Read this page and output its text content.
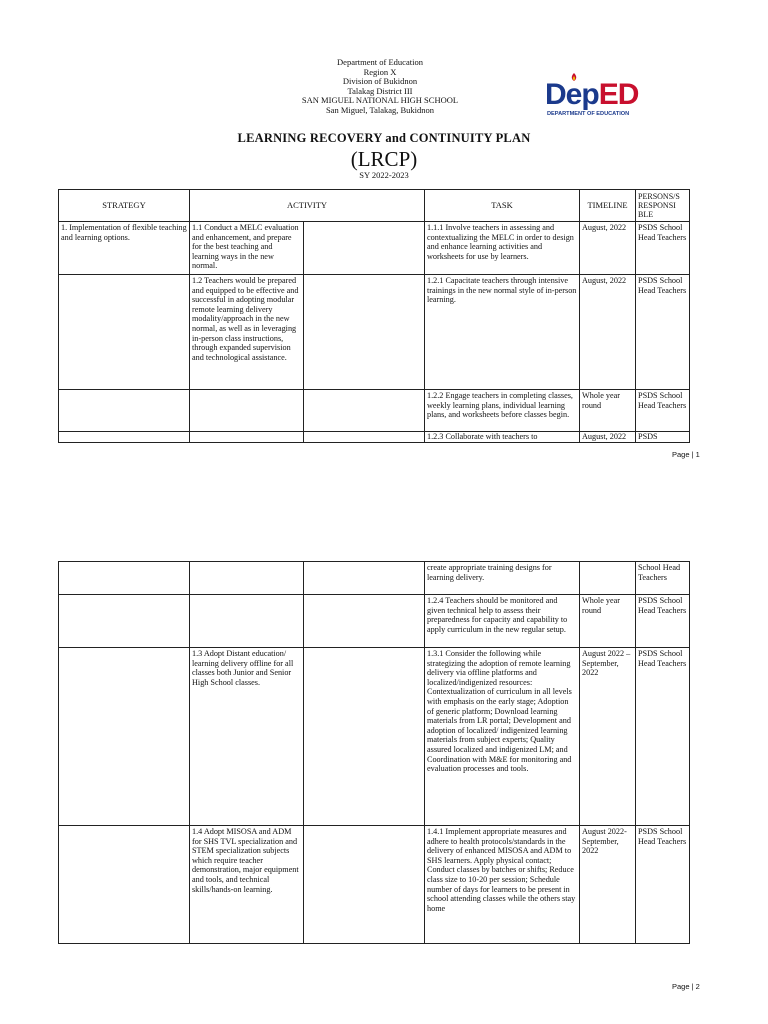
Department of Education
Region X
Division of Bukidnon
Talakag District III
SAN MIGUEL NATIONAL HIGH SCHOOL
San Miguel, Talakag, Bukidnon	DepED
DEPARTMENT OF EDUCATION
LEARNING RECOVERY and CONTINUITY PLAN
(LRCP)
SY 2022-2023
STRATEGY	ACTIVITY		TASK	TIMELINE	PERSONS/S RESPONSI BLE
1. Implementation of flexible teaching and learning options.	1.1 Conduct a MELC evaluation and enhancement, and prepare for the best teaching and learning ways in the new normal.		1.1.1 Involve teachers in assessing and contextualizing the MELC in order to design and enhance learning activities and worksheets for use by learners.	August, 2022	PSDS School Head Teachers
	1.2 Teachers would be prepared and equipped to be effective and successful in adopting modular remote learning delivery modality/approach in the new normal, as well as in leveraging in-person class instructions, through expanded supervision and technological assistance.		1.2.1 Capacitate teachers through intensive trainings in the new normal style of in-person learning.	August, 2022	PSDS School Head Teachers
			1.2.2 Engage teachers in completing classes, weekly learning plans, individual learning plans, and worksheets before classes begin.	Whole year round	PSDS School Head Teachers
			1.2.3 Collaborate with teachers to	August, 2022	PSDS
Page | 1
			create appropriate training designs for learning delivery.		School Head Teachers
			1.2.4 Teachers should be monitored and given technical help to assess their preparedness for capacity and capability to apply curriculum in the new regular setup.	Whole year round	PSDS School Head Teachers
	1.3 Adopt Distant education/ learning delivery offline for all classes both Junior and Senior High School classes.		1.3.1 Consider the following while strategizing the adoption of remote learning delivery via offline platforms and localized/indigenized resources: Contextualization of curriculum in all levels with emphasis on the early stage; Adoption of generic platform; Download learning materials from LR portal; Development and adoption of localized/ indigenized learning materials from subject experts; Quality assured localized and indigenized LM; and Coordination with M&E for monitoring and evaluation processes and tools.	August 2022 – September, 2022	PSDS School Head Teachers
	1.4 Adopt MISOSA and ADM for SHS TVL specialization and STEM specialization subjects which require teacher demonstration, major equipment and tools, and technical skills/hands-on learning.		1.4.1 Implement appropriate measures and adhere to health protocols/standards in the delivery of enhanced MISOSA and ADM to SHS learners. Apply physical contact; Conduct classes by batches or shifts; Reduce class size to 10-20 per session; Schedule number of days for learners to be present in school attending classes while the others stay home	August 2022- September, 2022	PSDS School Head Teachers
Page | 2
